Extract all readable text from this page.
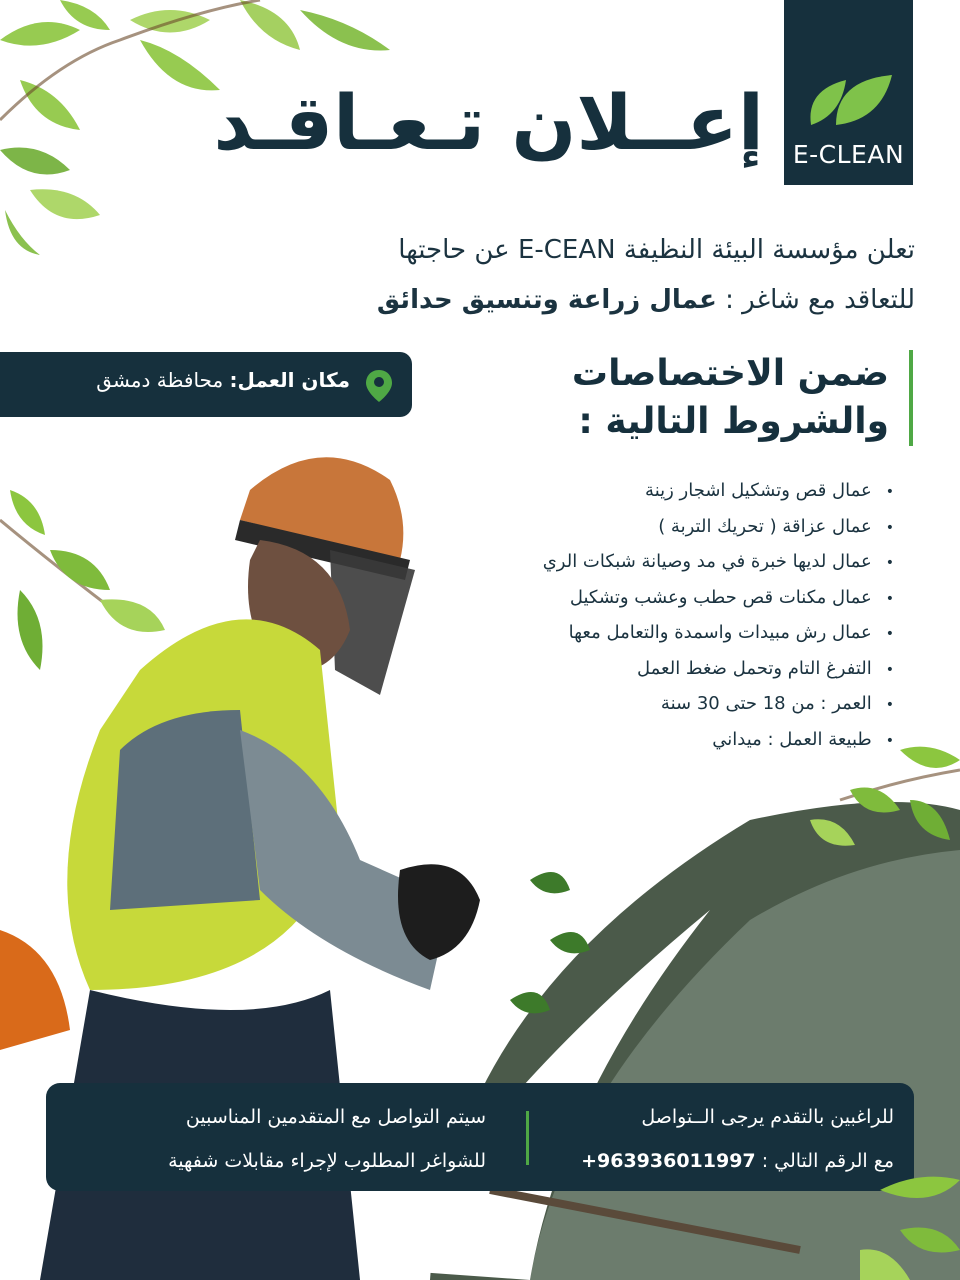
E-CLEAN
إعــلان تـعـاقـد
تعلن مؤسسة البيئة النظيفة E-CEAN عن حاجتها
للتعاقد مع شاغر : عمال زراعة وتنسيق حدائق
مكان العمل: محافظة دمشق	ضمن الاختصاصات
والشروط التالية :
• عمال قص وتشكيل اشجار زينة
• عمال عزاقة ( تحريك التربة )
• عمال لديها خبرة في مد وصيانة شبكات الري
• عمال مكنات قص حطب وعشب وتشكيل
• عمال رش مبيدات واسمدة والتعامل معها
• التفرغ التام وتحمل ضغط العمل
• العمر : من 18 حتى 30 سنة
• طبيعة العمل : ميداني
للراغبين بالتقدم يرجى الــتواصل
مع الرقم التالي : +963936011997
سيتم التواصل مع المتقدمين المناسبين
للشواغر المطلوب لإجراء مقابلات شفهية
